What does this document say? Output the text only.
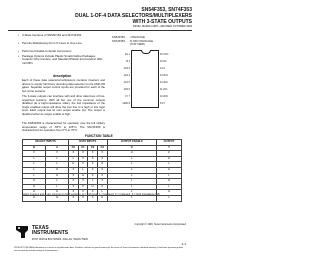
SN54F353, SN74F353
DUAL 1-OF-4 DATA SELECTORS/MULTIPLEXERS WITH 3-STATE OUTPUTS
D2932, MARCH 1987—REVISED OCTOBER 1993
• 3-State Versions of SN54F153 and SN74F153
• Permits Multiplexing From N Lines to One Line
• Performs Parallel-to-Serial Conversion
• Package Options Include Plastic Small-Outline Packages, Ceramic Chip Carriers, and Standard Plastic and Ceramic 300-mil DIPs
description
Each of these data selectors/multiplexers contains inverters and drivers to supply full binary decoding data selection to the AND-OR gates. Separate output control inputs are provided for each of the two 4-line sections.
The 3-state outputs can interface with and drive data lines of bus-organized systems. With all but one of the common outputs disabled (at a high-impedance state), the low impedance of the single enabled output will drive the bus line to a high or low logic level. Each output has its own output enable (G). The output is disabled when its output enable is high.
The SN54F353 is characterized for operation over the full military temperature range of -55°C to 125°C. The SN74F353 is characterized for operation from 0°C to 70°C.
SN54F353 . . . J PACKAGE
SN74F353 . . . D OR N PACKAGE
(TOP VIEW)
1G 1
B 2
1C3 3
1C2 4
1C1 5
1C0 6
1Y 7
GND 8
16 VCC
15 2G
14 A
13 2C3
12 2C2
11 2C1
10 2C0
9 2Y
FUNCTION TABLE
SELECT INPUTS		DATA INPUTS				OUTPUT ENABLE	OUTPUT
B	A	C0	C1	C2	C3	G	Y
X	X	X	X	X	X	H	Z
L	L	L	X	X	X	L	H
L	L	H	X	X	X	L	L
L	H	X	L	X	X	L	H
L	H	X	H	X	X	L	L
H	L	X	X	L	X	L	H
H	L	X	X	H	X	L	L
H	H	X	X	X	L	L	H
H	H	X	X	X	H	L	L
Select inputs A and B are common to both sections. H = high level, L = low level, X = irrelevant, Z = high impedance (off)
TEXAS
INSTRUMENTS
POST OFFICE BOX 655303 • DALLAS, TEXAS 75265
Copyright © 1993, Texas Instruments Incorporated
2-1
PRODUCTION DATA information is current as of publication date. Products conform to specifications per the terms of Texas Instruments standard warranty. Production processing does not necessarily include testing of all parameters.
